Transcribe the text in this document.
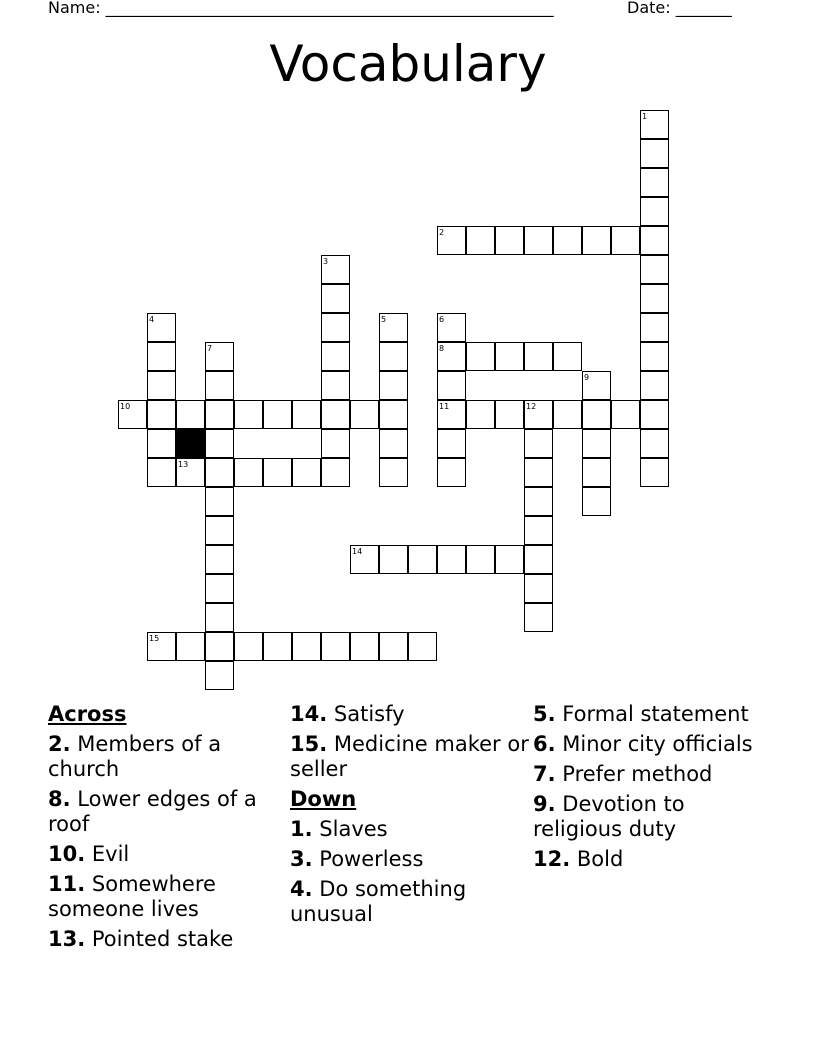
Name: ________________________________________________________	Date: _______
Vocabulary
1
2
3
4	5	6
7	8
9
10	11	12
13
14
15
Across
2. Members of a church
8. Lower edges of a roof
10. Evil
11. Somewhere someone lives
13. Pointed stake
14. Satisfy
15. Medicine maker or seller
Down
1. Slaves
3. Powerless
4. Do something unusual
5. Formal statement
6. Minor city officials
7. Prefer method
9. Devotion to religious duty
12. Bold
